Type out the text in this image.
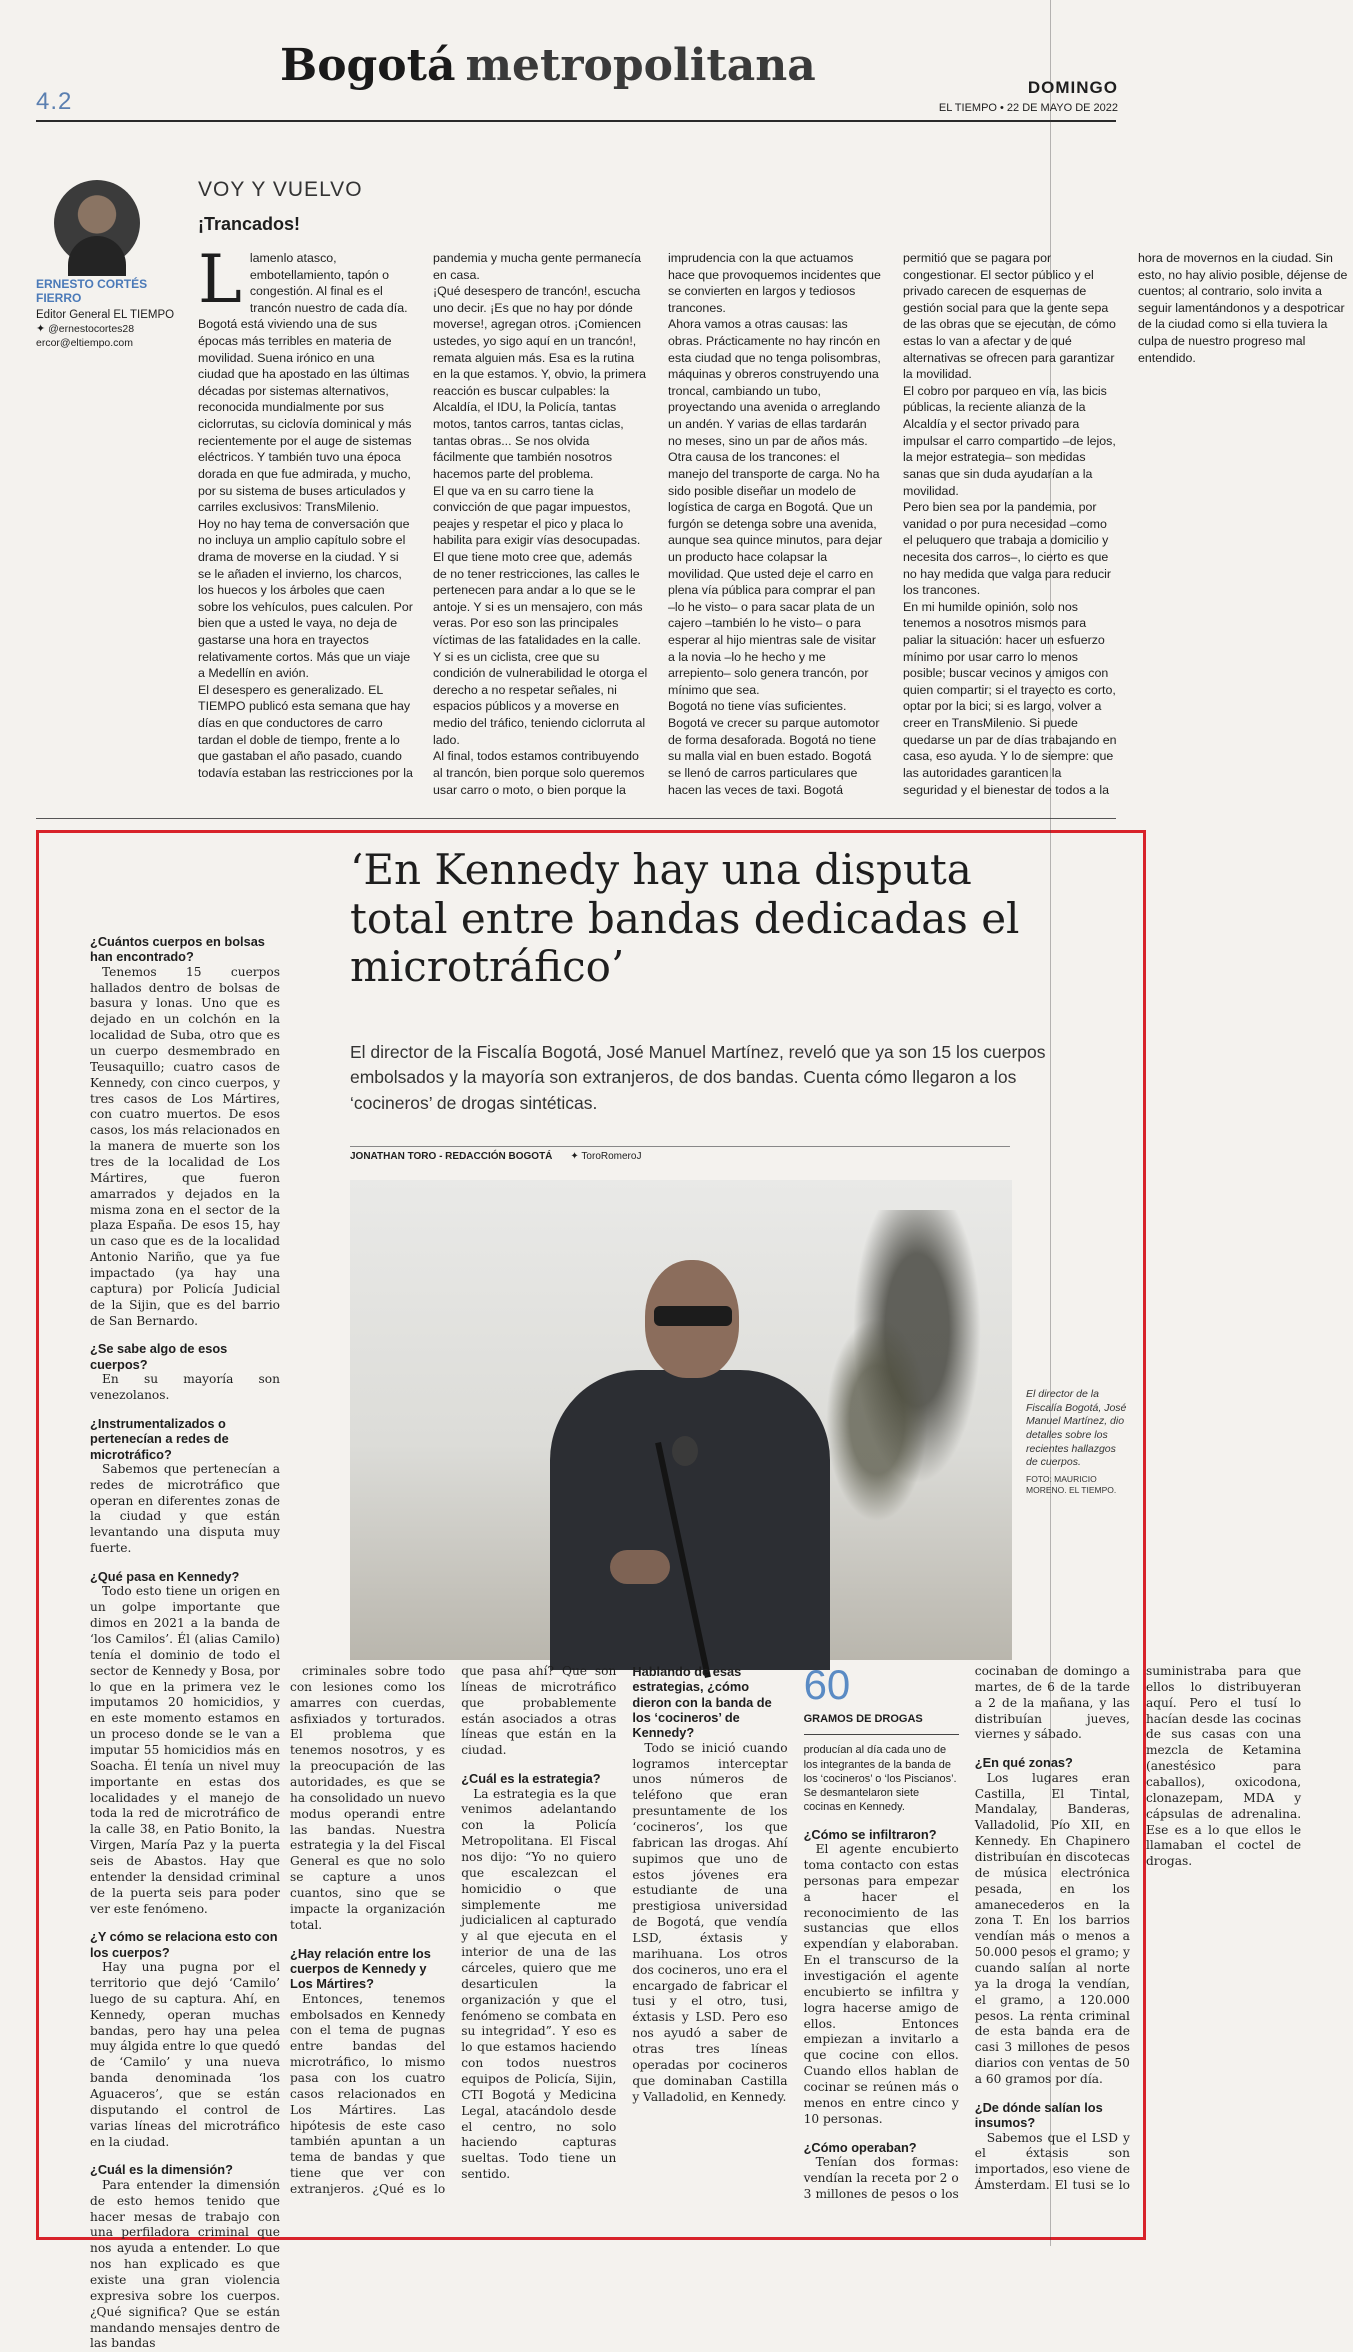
4.2
Bogotá metropolitana	DOMINGO
EL TIEMPO • 22 DE MAYO DE 2022
ERNESTO CORTÉS FIERRO
Editor General EL TIEMPO
✦ @ernestocortes28
ercor@eltiempo.com
VOY Y VUELVO
¡Trancados!

Llamenlo atasco, embotellamiento, tapón o congestión. Al final es el trancón nuestro de cada día. Bogotá está viviendo una de sus épocas más terribles en materia de movilidad. Suena irónico en una ciudad que ha apostado en las últimas décadas por sistemas alternativos, reconocida mundialmente por sus ciclorrutas, su ciclovía dominical y más recientemente por el auge de sistemas eléctricos. Y también tuvo una época dorada en que fue admirada, y mucho, por su sistema de buses articulados y carriles exclusivos: TransMilenio.

Hoy no hay tema de conversación que no incluya un amplio capítulo sobre el drama de moverse en la ciudad. Y si se le añaden el invierno, los charcos, los huecos y los árboles que caen sobre los vehículos, pues calculen. Por bien que a usted le vaya, no deja de gastarse una hora en trayectos relativamente cortos. Más que un viaje a Medellín en avión.

El desespero es generalizado. EL TIEMPO publicó esta semana que hay días en que conductores de carro tardan el doble de tiempo, frente a lo que gastaban el año pasado, cuando todavía estaban las restricciones por la pandemia y mucha gente permanecía en casa.

¡Qué desespero de trancón!, escucha uno decir. ¡Es que no hay por dónde moverse!, agregan otros. ¡Comiencen ustedes, yo sigo aquí en un trancón!, remata alguien más. Esa es la rutina en la que estamos. Y, obvio, la primera reacción es buscar culpables: la Alcaldía, el IDU, la Policía, tantas motos, tantos carros, tantas ciclas, tantas obras... Se nos olvida fácilmente que también nosotros hacemos parte del problema.

El que va en su carro tiene la convicción de que pagar impuestos, peajes y respetar el pico y placa lo habilita para exigir vías desocupadas. El que tiene moto cree que, además de no tener restricciones, las calles le pertenecen para andar a lo que se le antoje. Y si es un mensajero, con más veras. Por eso son las principales víctimas de las fatalidades en la calle. Y si es un ciclista, cree que su condición de vulnerabilidad le otorga el derecho a no respetar señales, ni espacios públicos y a moverse en medio del tráfico, teniendo ciclorruta al lado.

Al final, todos estamos contribuyendo al trancón, bien porque solo queremos usar carro o moto, o bien porque la imprudencia con la que actuamos hace que provoquemos incidentes que se convierten en largos y tediosos trancones.

Ahora vamos a otras causas: las obras. Prácticamente no hay rincón en esta ciudad que no tenga polisombras, máquinas y obreros construyendo una troncal, cambiando un tubo, proyectando una avenida o arreglando un andén. Y varias de ellas tardarán no meses, sino un par de años más.

Otra causa de los trancones: el manejo del transporte de carga. No ha sido posible diseñar un modelo de logística de carga en Bogotá. Que un furgón se detenga sobre una avenida, aunque sea quince minutos, para dejar un producto hace colapsar la movilidad. Que usted deje el carro en plena vía pública para comprar el pan –lo he visto– o para sacar plata de un cajero –también lo he visto– o para esperar al hijo mientras sale de visitar a la novia –lo he hecho y me arrepiento– solo genera trancón, por mínimo que sea.

Bogotá no tiene vías suficientes. Bogotá ve crecer su parque automotor de forma desaforada. Bogotá no tiene su malla vial en buen estado. Bogotá se llenó de carros particulares que hacen las veces de taxi. Bogotá permitió que se pagara por congestionar. El sector público y el privado carecen de esquemas de gestión social para que la gente sepa de las obras que se ejecutan, de cómo estas lo van a afectar y de qué alternativas se ofrecen para garantizar la movilidad.

El cobro por parqueo en vía, las bicis públicas, la reciente alianza de la Alcaldía y el sector privado para impulsar el carro compartido –de lejos, la mejor estrategia– son medidas sanas que sin duda ayudarían a la movilidad.

Pero bien sea por la pandemia, por vanidad o por pura necesidad –como el peluquero que trabaja a domicilio y necesita dos carros–, lo cierto es que no hay medida que valga para reducir los trancones.

En mi humilde opinión, solo nos tenemos a nosotros mismos para paliar la situación: hacer un esfuerzo mínimo por usar carro lo menos posible; buscar vecinos y amigos con quien compartir; si el trayecto es corto, optar por la bici; si es largo, volver a creer en TransMilenio. Si puede quedarse un par de días trabajando en casa, eso ayuda. Y lo de siempre: que las autoridades garanticen la seguridad y el bienestar de todos a la hora de movernos en la ciudad. Sin esto, no hay alivio posible, déjense de cuentos; al contrario, solo invita a seguir lamentándonos y a despotricar de la ciudad como si ella tuviera la culpa de nuestro progreso mal entendido.

‘En Kennedy hay una disputa total entre bandas dedicadas el microtráfico’
El director de la Fiscalía Bogotá, José Manuel Martínez, reveló que ya son 15 los cuerpos embolsados y la mayoría son extranjeros, de dos bandas. Cuenta cómo llegaron a los ‘cocineros’ de drogas sintéticas.
JONATHAN TORO - REDACCIÓN BOGOTÁ ✦ ToroRomeroJ
El director de la Fiscalía Bogotá, José Manuel Martínez, dio detalles sobre los recientes hallazgos de cuerpos.
FOTO: MAURICIO MORENO. EL TIEMPO.
¿Cuántos cuerpos en bolsas han encontrado?

Tenemos 15 cuerpos hallados dentro de bolsas de basura y lonas. Uno que es dejado en un colchón en la localidad de Suba, otro que es un cuerpo desmembrado en Teusaquillo; cuatro casos de Kennedy, con cinco cuerpos, y tres casos de Los Mártires, con cuatro muertos. De esos casos, los más relacionados en la manera de muerte son los tres de la localidad de Los Mártires, que fueron amarrados y dejados en la misma zona en el sector de la plaza España. De esos 15, hay un caso que es de la localidad Antonio Nariño, que ya fue impactado (ya hay una captura) por Policía Judicial de la Sijin, que es del barrio de San Bernardo.

¿Se sabe algo de esos cuerpos?

En su mayoría son venezolanos.

¿Instrumentalizados o pertenecían a redes de microtráfico?

Sabemos que pertenecían a redes de microtráfico que operan en diferentes zonas de la ciudad y que están levantando una disputa muy fuerte.

¿Qué pasa en Kennedy?

Todo esto tiene un origen en un golpe importante que dimos en 2021 a la banda de ‘los Camilos’. Él (alias Camilo) tenía el dominio de todo el sector de Kennedy y Bosa, por lo que en la primera vez le imputamos 20 homicidios, y en este momento estamos en un proceso donde se le van a imputar 55 homicidios más en Soacha. Él tenía un nivel muy importante en estas dos localidades y el manejo de toda la red de microtráfico de la calle 38, en Patio Bonito, la Virgen, María Paz y la puerta seis de Abastos. Hay que entender la densidad criminal de la puerta seis para poder ver este fenómeno.

¿Y cómo se relaciona esto con los cuerpos?

Hay una pugna por el territorio que dejó ‘Camilo’ luego de su captura. Ahí, en Kennedy, operan muchas bandas, pero hay una pelea muy álgida entre lo que quedó de ‘Camilo’ y una nueva banda denominada ‘los Aguaceros’, que se están disputando el control de varias líneas del microtráfico en la ciudad.

¿Cuál es la dimensión?

Para entender la dimensión de esto hemos tenido que hacer mesas de trabajo con una perfiladora criminal que nos ayuda a entender. Lo que nos han explicado es que existe una gran violencia expresiva sobre los cuerpos. ¿Qué significa? Que se están mandando mensajes dentro de las bandas

criminales sobre todo con lesiones como los amarres con cuerdas, asfixiados y torturados. El problema que tenemos nosotros, y es la preocupación de las autoridades, es que se ha consolidado un nuevo modus operandi entre las bandas. Nuestra estrategia y la del Fiscal General es que no solo se capture a unos cuantos, sino que se impacte la organización total.

¿Hay relación entre los cuerpos de Kennedy y Los Mártires?

Entonces, tenemos embolsados en Kennedy con el tema de pugnas entre bandas del microtráfico, lo mismo pasa con los cuatro casos relacionados en Los Mártires. Las hipótesis de este caso también apuntan a un tema de bandas y que tiene que ver con extranjeros. ¿Qué es lo que pasa ahí? Que son líneas de microtráfico que probablemente están asociados a otras líneas que están en la ciudad.

¿Cuál es la estrategia?

La estrategia es la que venimos adelantando con la Policía Metropolitana. El Fiscal nos dijo: “Yo no quiero que escalezcan el homicidio o que simplemente me judicialicen al capturado y al que ejecuta en el interior de una de las cárceles, quiero que me desarticulen la organización y que el fenómeno se combata en su integridad”. Y eso es lo que estamos haciendo con todos nuestros equipos de Policía, Sijin, CTI Bogotá y Medicina Legal, atacándolo desde el centro, no solo haciendo capturas sueltas. Todo tiene un sentido.

Hablando de esas estrategias, ¿cómo dieron con la banda de los ‘cocineros’ de Kennedy?

Todo se inició cuando logramos interceptar unos números de teléfono que eran presuntamente de los ‘cocineros’, los que fabrican las drogas. Ahí supimos que uno de estos jóvenes era estudiante de una prestigiosa universidad de Bogotá, que vendía LSD, éxtasis y marihuana. Los otros dos cocineros, uno era el encargado de fabricar el tusi y el otro, tusi, éxtasis y LSD. Pero eso nos ayudó a saber de otras tres líneas operadas por cocineros que dominaban Castilla y Valladolid, en Kennedy.

60
GRAMOS DE DROGAS
producían al día cada uno de los integrantes de la banda de los ‘cocineros’ o ‘los Piscianos’. Se desmantelaron siete cocinas en Kennedy.
¿Cómo se infiltraron?

El agente encubierto toma contacto con estas personas para empezar a hacer el reconocimiento de las sustancias que ellos expendían y elaboraban. En el transcurso de la investigación el agente encubierto se infiltra y logra hacerse amigo de ellos. Entonces empiezan a invitarlo a que cocine con ellos. Cuando ellos hablan de cocinar se reúnen más o menos en entre cinco y 10 personas.

¿Cómo operaban?

Tenían dos formas: vendían la receta por 2 o 3 millones de pesos o los cocinaban de domingo a martes, de 6 de la tarde a 2 de la mañana, y las distribuían jueves, viernes y sábado.

¿En qué zonas?

Los lugares eran Castilla, El Tintal, Mandalay, Banderas, Valladolid, Pío XII, en Kennedy. En Chapinero distribuían en discotecas de música electrónica pesada, en los amanecederos en la zona T. En los barrios vendían más o menos a 50.000 pesos el gramo; y cuando salían al norte ya la droga la vendían, el gramo, a 120.000 pesos. La renta criminal de esta banda era de casi 3 millones de pesos diarios con ventas de 50 a 60 gramos por día.

¿De dónde salían los insumos?

Sabemos que el LSD y el éxtasis son importados, eso viene de Ámsterdam. El tusi se lo suministraba para que ellos lo distribuyeran aquí. Pero el tusí lo hacían desde las cocinas de sus casas con una mezcla de Ketamina (anestésico para caballos), oxicodona, clonazepam, MDA y cápsulas de adrenalina. Ese es a lo que ellos le llamaban el coctel de drogas.
